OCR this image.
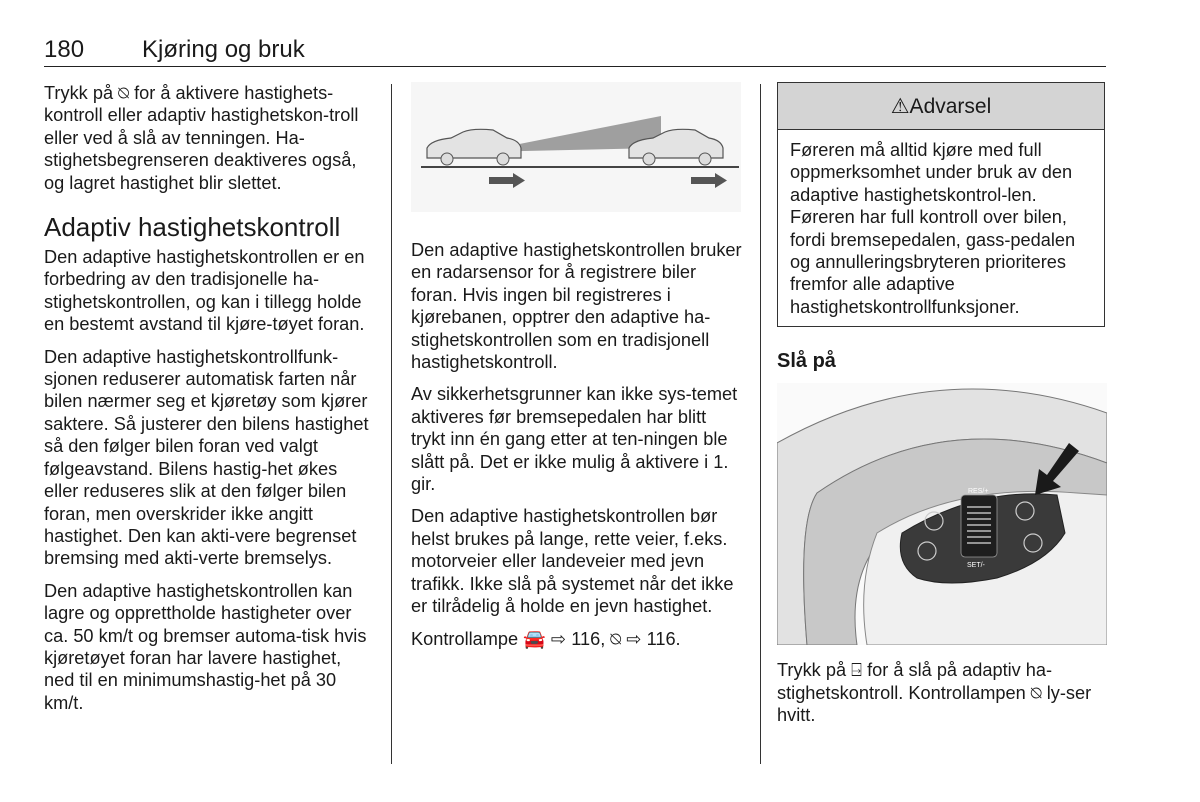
180 Kjøring og bruk

Trykk på ⍉ for å aktivere hastighets-kontroll eller adaptiv hastighetskon-troll eller ved å slå av tenningen. Ha-stighetsbegrenseren deaktiveres også, og lagret hastighet blir slettet.

Adaptiv hastighetskontroll

Den adaptive hastighetskontrollen er en forbedring av den tradisjonelle ha-stighetskontrollen, og kan i tillegg holde en bestemt avstand til kjøre-tøyet foran.

Den adaptive hastighetskontrollfunk-sjonen reduserer automatisk farten når bilen nærmer seg et kjøretøy som kjører saktere. Så justerer den bilens hastighet så den følger bilen foran ved valgt følgeavstand. Bilens hastig-het økes eller reduseres slik at den følger bilen foran, men overskrider ikke angitt hastighet. Den kan akti-vere begrenset bremsing med akti-verte bremselys.

Den adaptive hastighetskontrollen kan lagre og opprettholde hastigheter over ca. 50 km/t og bremser automa-tisk hvis kjøretøyet foran har lavere hastighet, ned til en minimumshastig-het på 30 km/t.

Den adaptive hastighetskontrollen bruker en radarsensor for å registrere biler foran. Hvis ingen bil registreres i kjørebanen, opptrer den adaptive ha-stighetskontrollen som en tradisjonell hastighetskontroll.

Av sikkerhetsgrunner kan ikke sys-temet aktiveres før bremsepedalen har blitt trykt inn én gang etter at ten-ningen ble slått på. Det er ikke mulig å aktivere i 1. gir.

Den adaptive hastighetskontrollen bør helst brukes på lange, rette veier, f.eks. motorveier eller landeveier med jevn trafikk. Ikke slå på systemet når det ikke er tilrådelig å holde en jevn hastighet.

Kontrollampe 🚘 ⇨ 116, ⍉ ⇨ 116.

⚠Advarsel

Føreren må alltid kjøre med full oppmerksomhet under bruk av den adaptive hastighetskontrol-len. Føreren har full kontroll over bilen, fordi bremsepedalen, gass-pedalen og annulleringsbryteren prioriteres fremfor alle adaptive hastighetskontrollfunksjoner.

Slå på
RES/+
SET/-

Trykk på ⍈ for å slå på adaptiv ha-stighetskontroll. Kontrollampen ⍉ ly-ser hvitt.
